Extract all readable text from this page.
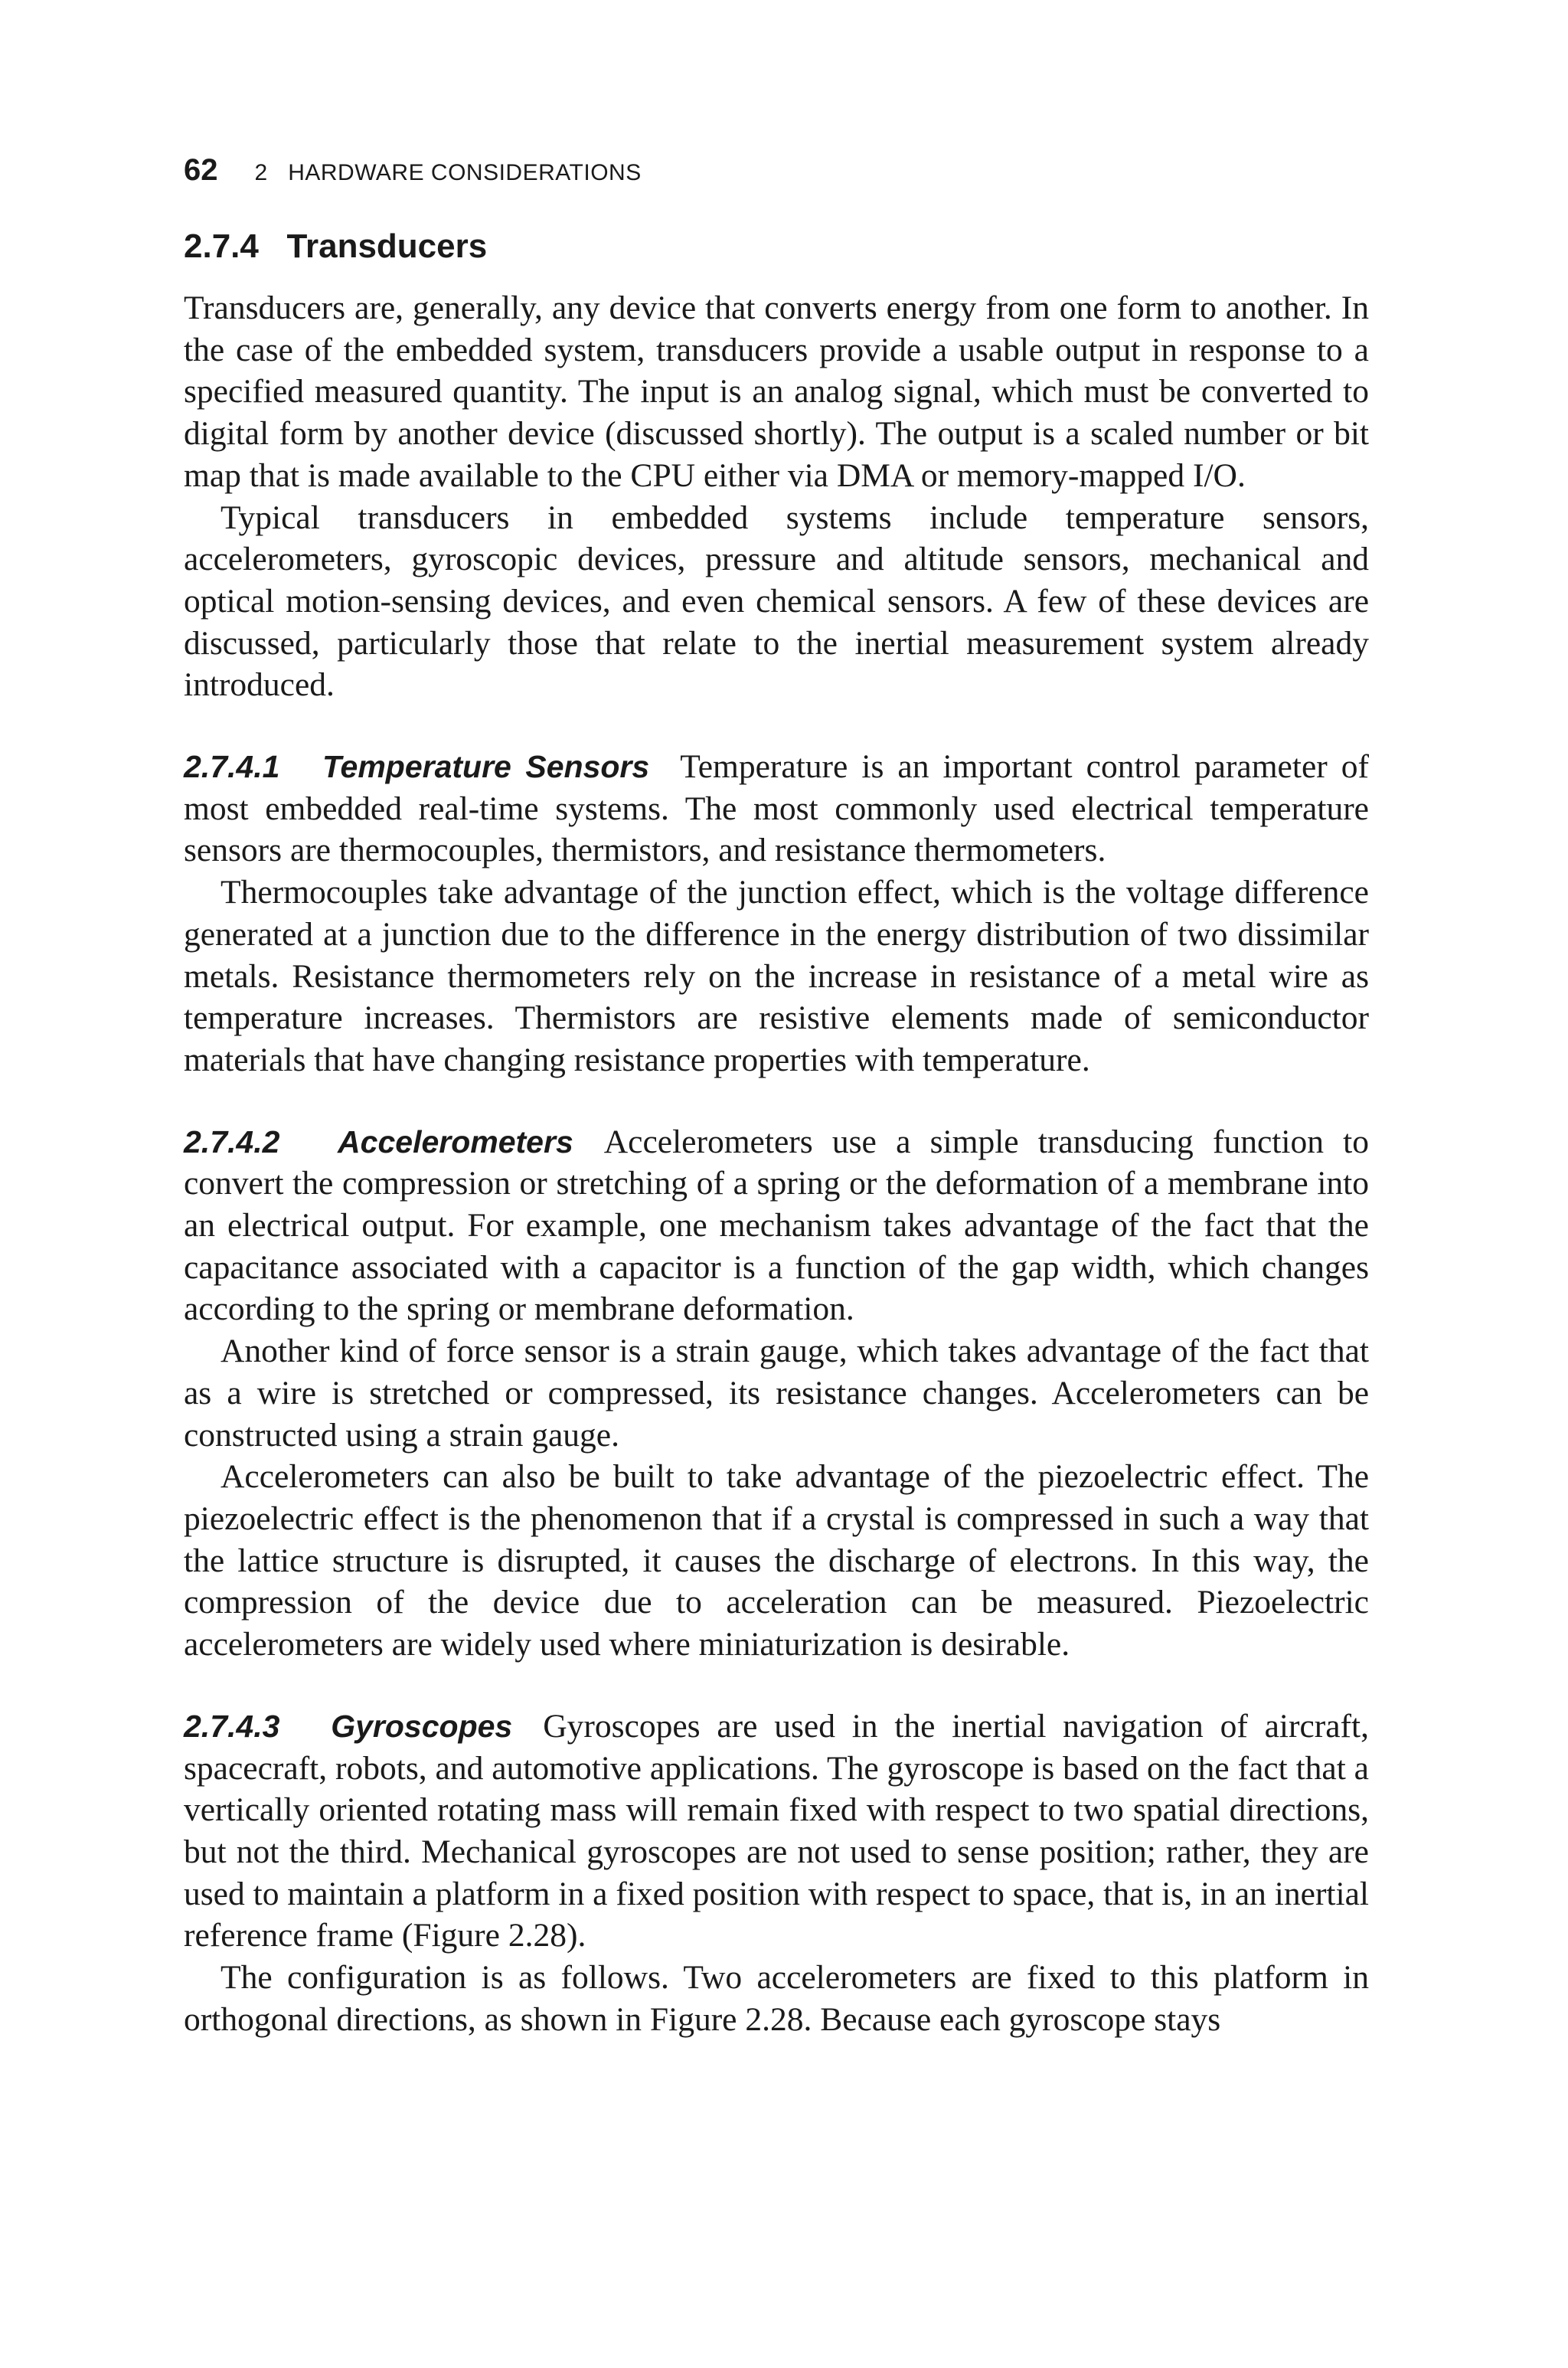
62 2   HARDWARE CONSIDERATIONS
2.7.4   Transducers

Transducers are, generally, any device that converts energy from one form to another. In the case of the embedded system, transducers provide a usable output in response to a specified measured quantity. The input is an analog signal, which must be converted to digital form by another device (discussed shortly). The output is a scaled number or bit map that is made available to the CPU either via DMA or memory-mapped I/O.

Typical transducers in embedded systems include temperature sensors, accelerometers, gyroscopic devices, pressure and altitude sensors, mechanical and optical motion-sensing devices, and even chemical sensors. A few of these devices are discussed, particularly those that relate to the inertial measurement system already introduced.

2.7.4.1   Temperature Sensors Temperature is an important control parameter of most embedded real-time systems. The most commonly used electrical temperature sensors are thermocouples, thermistors, and resistance thermometers.

Thermocouples take advantage of the junction effect, which is the voltage difference generated at a junction due to the difference in the energy distribution of two dissimilar metals. Resistance thermometers rely on the increase in resistance of a metal wire as temperature increases. Thermistors are resistive elements made of semiconductor materials that have changing resistance properties with temperature.

2.7.4.2   Accelerometers Accelerometers use a simple transducing function to convert the compression or stretching of a spring or the deformation of a membrane into an electrical output. For example, one mechanism takes advantage of the fact that the capacitance associated with a capacitor is a function of the gap width, which changes according to the spring or membrane deformation.

Another kind of force sensor is a strain gauge, which takes advantage of the fact that as a wire is stretched or compressed, its resistance changes. Accelerometers can be constructed using a strain gauge.

Accelerometers can also be built to take advantage of the piezoelectric effect. The piezoelectric effect is the phenomenon that if a crystal is compressed in such a way that the lattice structure is disrupted, it causes the discharge of electrons. In this way, the compression of the device due to acceleration can be measured. Piezoelectric accelerometers are widely used where miniaturization is desirable.

2.7.4.3   Gyroscopes Gyroscopes are used in the inertial navigation of aircraft, spacecraft, robots, and automotive applications. The gyroscope is based on the fact that a vertically oriented rotating mass will remain fixed with respect to two spatial directions, but not the third. Mechanical gyroscopes are not used to sense position; rather, they are used to maintain a platform in a fixed position with respect to space, that is, in an inertial reference frame (Figure 2.28).

The configuration is as follows. Two accelerometers are fixed to this platform in orthogonal directions, as shown in Figure 2.28. Because each gyroscope stays
